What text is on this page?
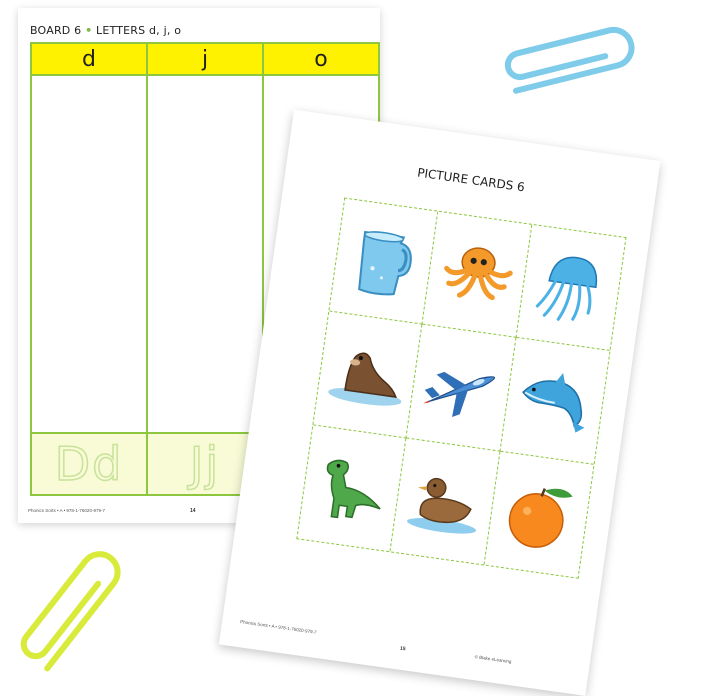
BOARD 6 • LETTERS d, j, o
d
Dd
j
Jj
o
Phonics Sorts • A • 978-1-76020-979-7	14
PICTURE CARDS 6
Phonics Sorts • A • 978-1-76020-979-7
15
© Blake eLearning
